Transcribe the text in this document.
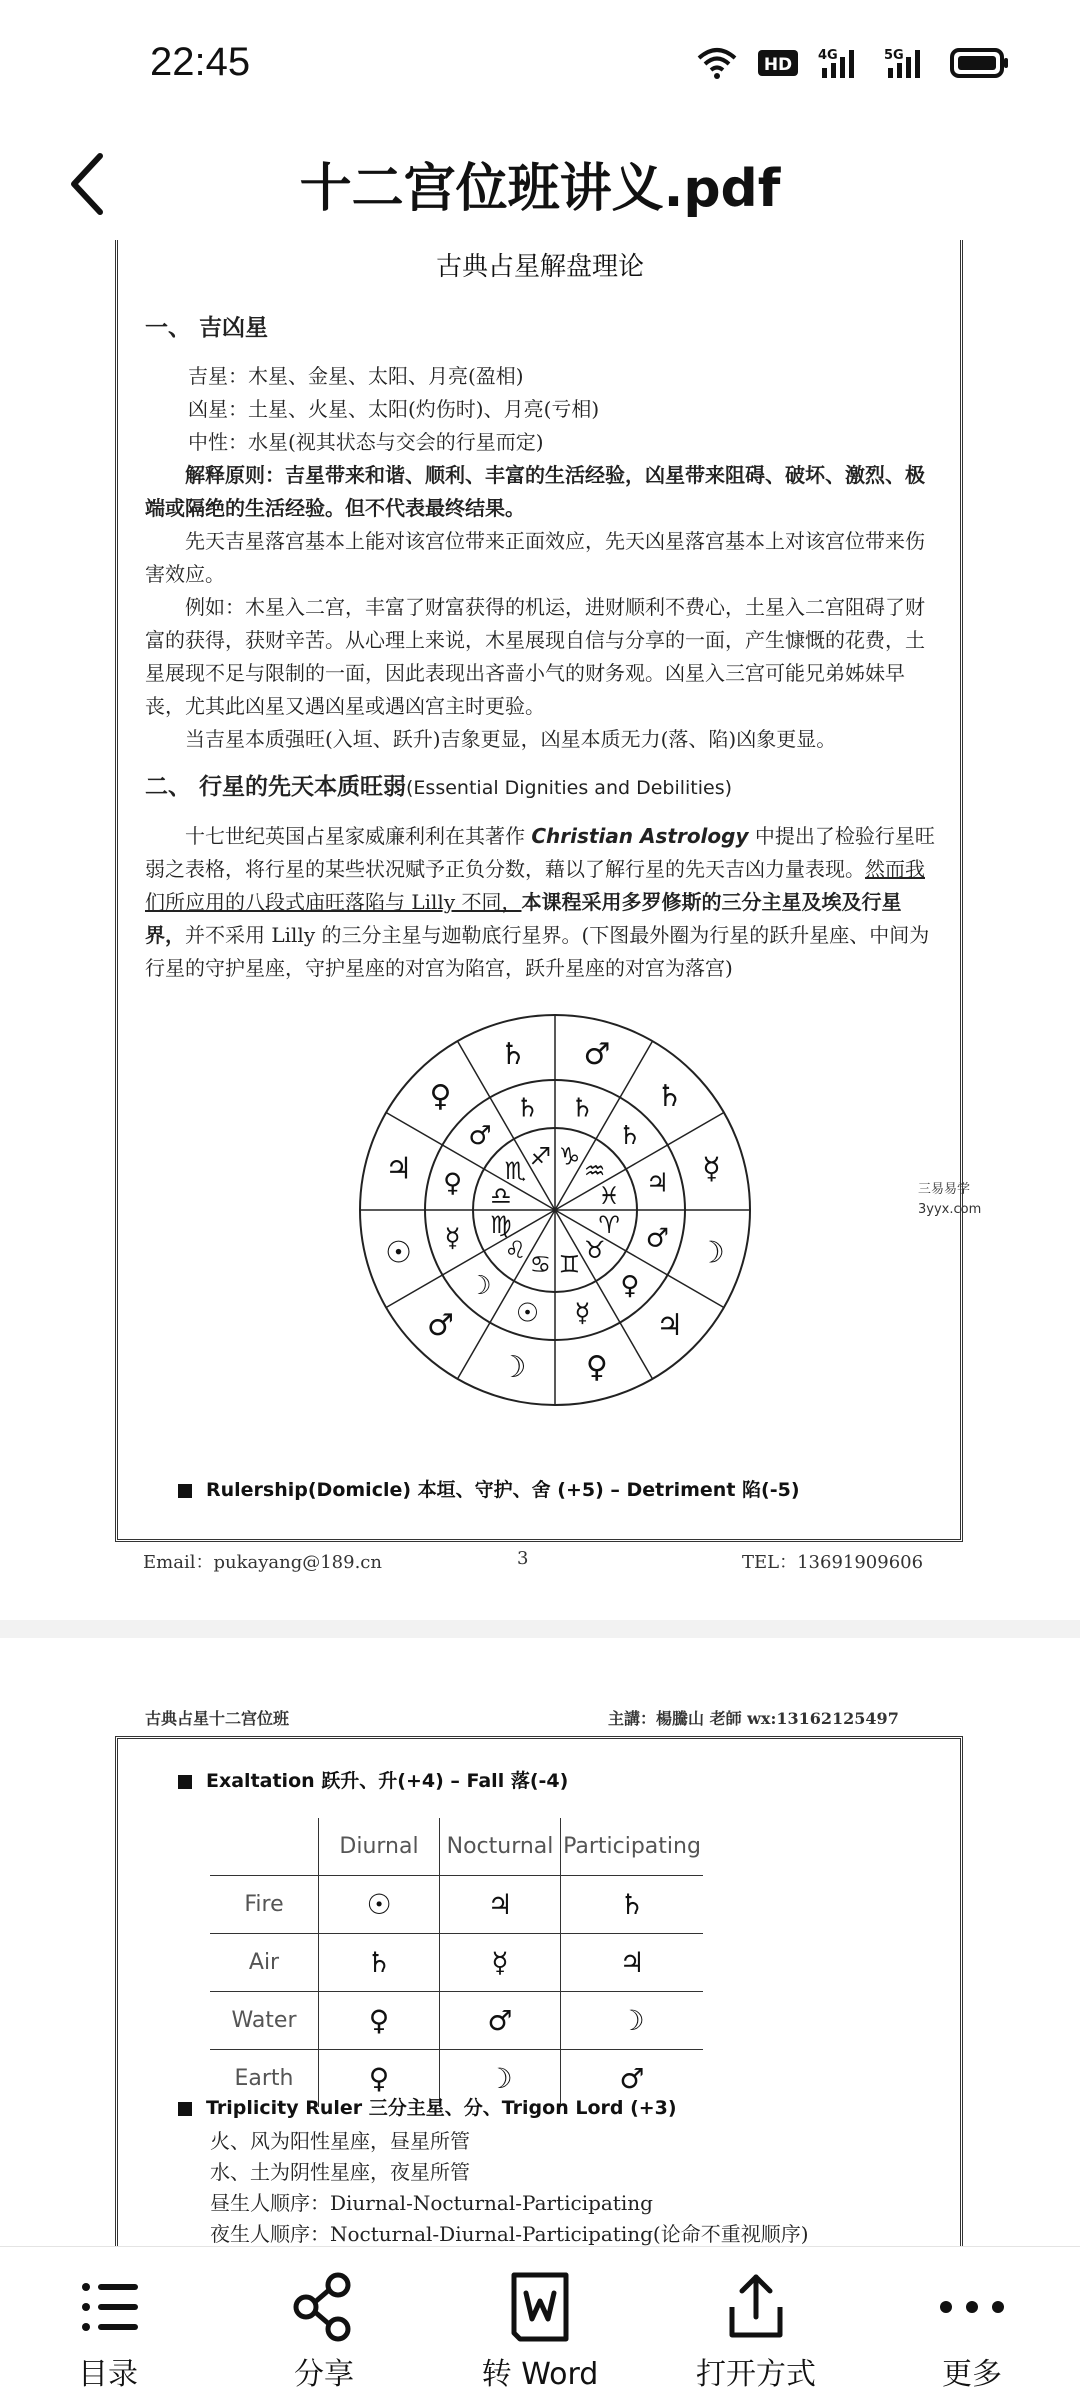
22:45	HD 4G	5G
十二宫位班讲义.pdf
古典占星解盘理论
一、 吉凶星
吉星：木星、金星、太阳、月亮(盈相)
凶星：土星、火星、太阳(灼伤时)、月亮(亏相)
中性：水星(视其状态与交会的行星而定)
解释原则：吉星带来和谐、顺利、丰富的生活经验，凶星带来阻碍、破坏、激烈、极端或隔绝的生活经验。但不代表最终结果。
先天吉星落宫基本上能对该宫位带来正面效应，先天凶星落宫基本上对该宫位带来伤害效应。
例如：木星入二宫，丰富了财富获得的机运，进财顺利不费心，土星入二宫阻碍了财富的获得，获财辛苦。从心理上来说，木星展现自信与分享的一面，产生慷慨的花费，土星展现不足与限制的一面，因此表现出吝啬小气的财务观。凶星入三宫可能兄弟姊妹早丧，尤其此凶星又遇凶星或遇凶宫主时更验。
当吉星本质强旺(入垣、跃升)吉象更显，凶星本质无力(落、陷)凶象更显。
二、 行星的先天本质旺弱(Essential Dignities and Debilities)
十七世纪英国占星家威廉利利在其著作 Christian Astrology 中提出了检验行星旺弱之表格，将行星的某些状况赋予正负分数，藉以了解行星的先天吉凶力量表现。然而我们所应用的八段式庙旺落陷与 Lilly 不同，本课程采用多罗修斯的三分主星及埃及行星界，并不采用 Lilly 的三分主星与迦勒底行星界。(下图最外圈为行星的跃升星座、中间为行星的守护星座，守护星座的对宫为陷宫，跃升星座的对宫为落宫)
♂
♄
♀
♃
☉
♂
☽ ♀
♃
☽
☿
♄
♄
♄
♂
♀
☿
☽
☉ ☿
♀
♂
♃
♄
♑
♐
♏
♎
♍
♌
♋ ♊
♉
♈
♓
♒
三易易学
3yyx.com
Rulership(Domicle) 本垣、守护、舍 (+5) – Detriment 陷(-5)
Email：pukayang@189.cn	3	TEL：13691909606
古典占星十二宫位班	主講：楊騰山 老師 wx:13162125497
Exaltation 跃升、升(+4) – Fall 落(-4)
	Diurnal	Nocturnal	Participating
Fire	☉	♃	♄
Air	♄	☿	♃
Water	♀	♂	☽
Earth	♀	☽	♂
Triplicity Ruler 三分主星、分、Trigon Lord (+3)
火、风为阳性星座，昼星所管
水、土为阴性星座，夜星所管
昼生人顺序：Diurnal-Nocturnal-Participating
夜生人顺序：Nocturnal-Diurnal-Participating(论命不重视顺序)
目录	分享	转 Word	打开方式	更多
